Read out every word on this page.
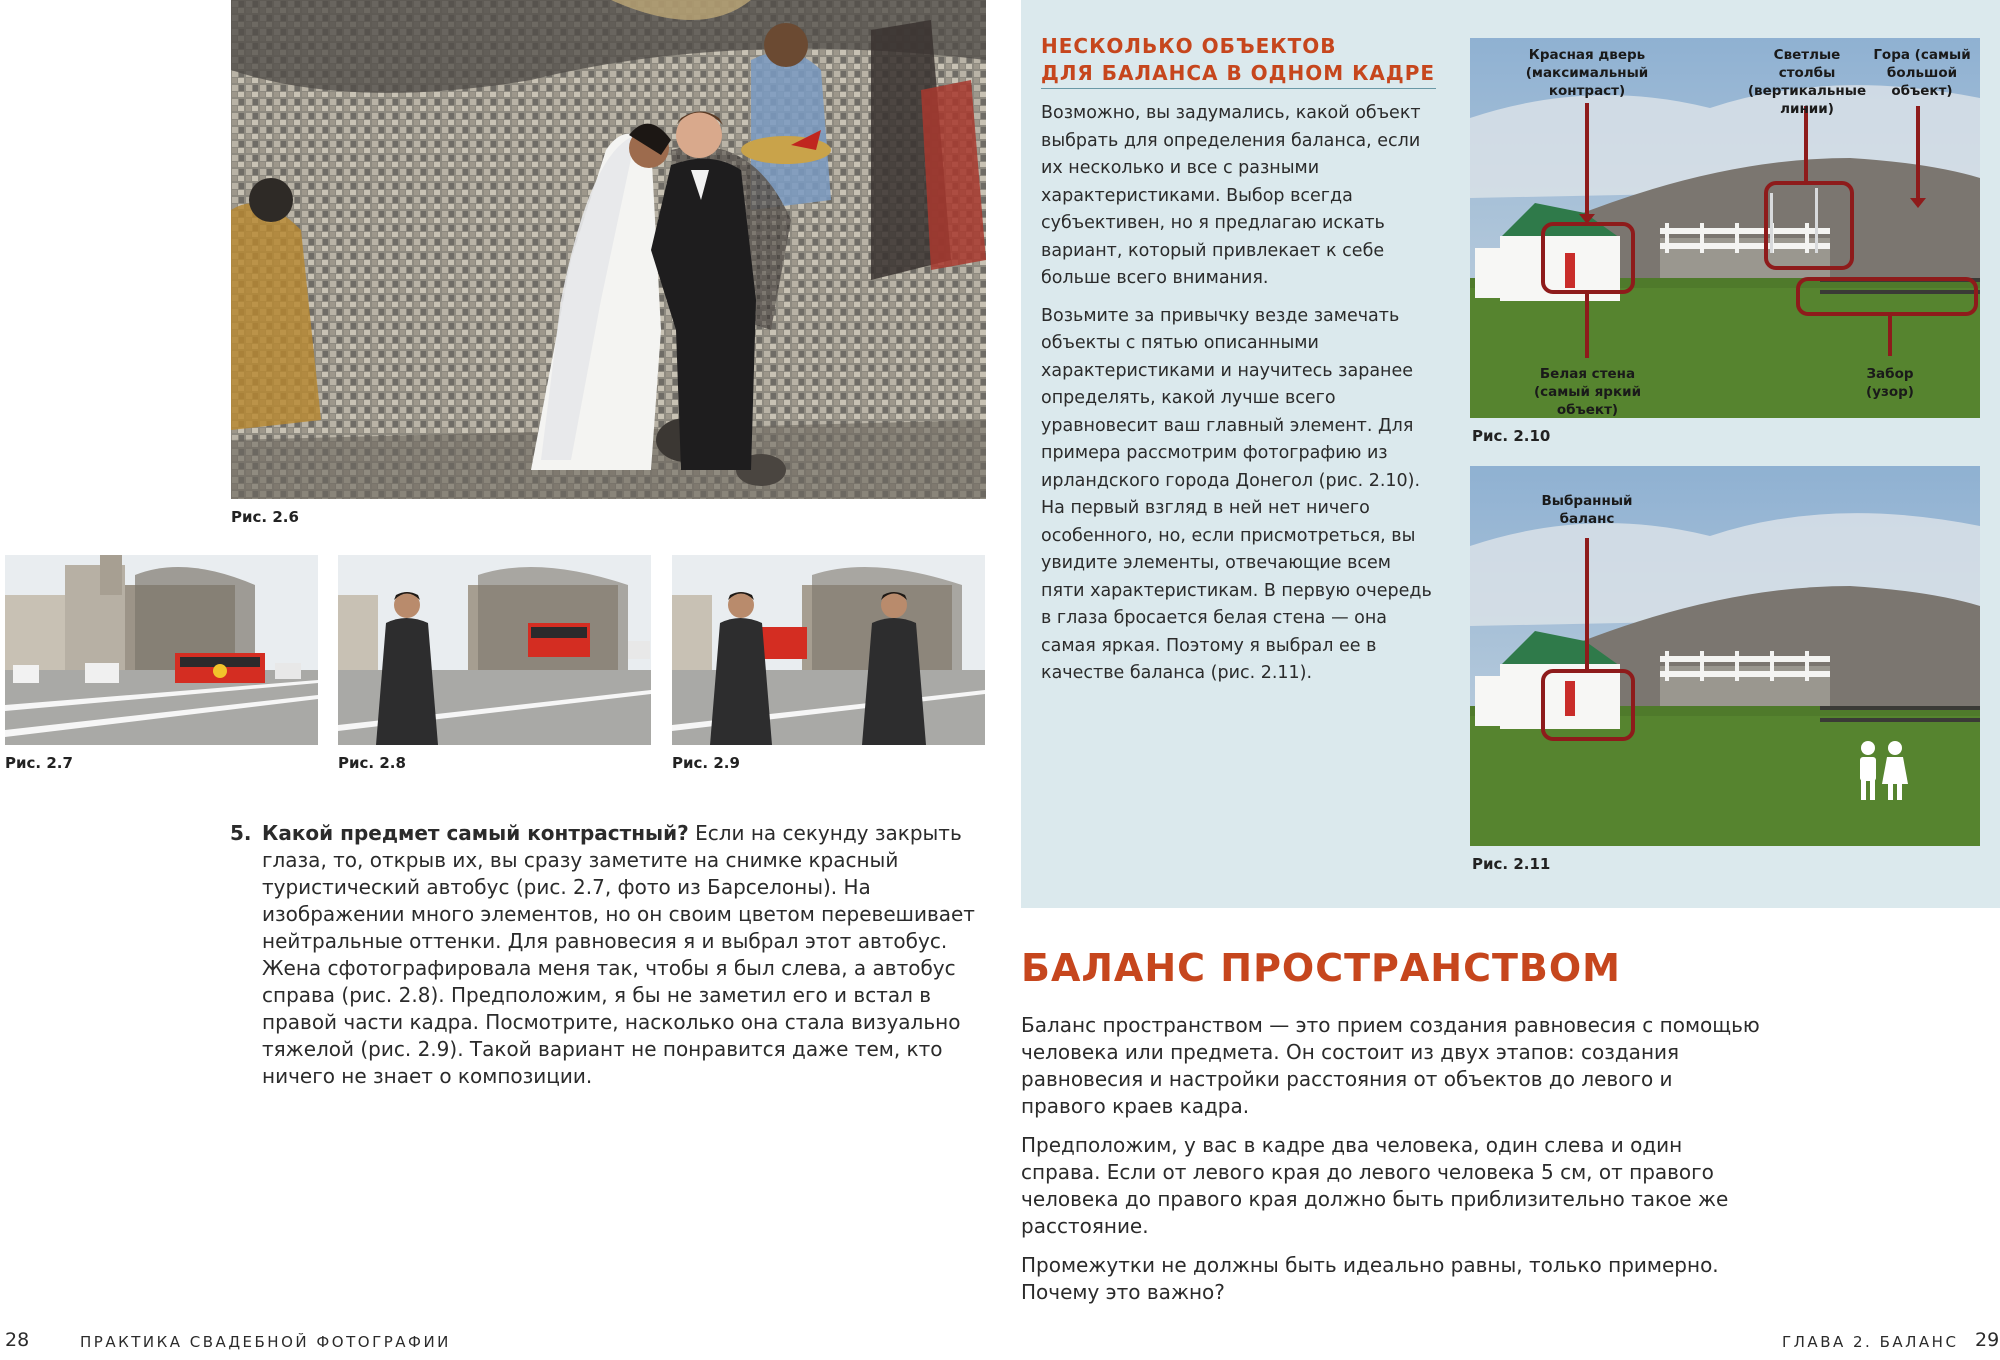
Рис. 2.6
Рис. 2.7	Рис. 2.8	Рис. 2.9
5. Какой предмет самый контрастный? Если на секунду закрыть глаза, то, открыв их, вы сразу заметите на снимке красный туристический автобус (рис. 2.7, фото из Барселоны). На изображении много элементов, но он своим цветом перевешивает нейтральные оттенки. Для равновесия я и выбрал этот автобус. Жена сфотографировала меня так, чтобы я был слева, а автобус справа (рис. 2.8). Предположим, я бы не заметил его и встал в правой части кадра. Посмотрите, насколько она стала визуально тяжелой (рис. 2.9). Такой вариант не понравится даже тем, кто ничего не знает о композиции.
НЕСКОЛЬКО ОБЪЕКТОВ
ДЛЯ БАЛАНСА В ОДНОМ КАДРЕ

Возможно, вы задумались, какой объект выбрать для определения баланса, если их несколько и все с разными характеристиками. Выбор всегда субъективен, но я предлагаю искать вариант, который привлекает к себе больше всего внимания.

Возьмите за привычку везде замечать объекты с пятью описанными характеристиками и научитесь заранее определять, какой лучше всего уравновесит ваш главный элемент. Для примера рассмотрим фотографию из ирландского города Донегол (рис. 2.10). На первый взгляд в ней нет ничего особенного, но, если присмотреться, вы увидите элементы, отвечающие всем пяти характеристикам. В первую очередь в глаза бросается белая стена — она самая яркая. Поэтому я выбрал ее в качестве баланса (рис. 2.11).

Красная дверь (максимальный контраст)
Светлые столбы (вертикальные линии)
Гора (самый большой объект)
Белая стена (самый яркий объект)
Забор (узор)
Рис. 2.10
Выбранный баланс
Рис. 2.11
БАЛАНС ПРОСТРАНСТВОМ

Баланс пространством — это прием создания равновесия с помощью человека или предмета. Он состоит из двух этапов: создания равновесия и настройки расстояния от объектов до левого и правого краев кадра.

Предположим, у вас в кадре два человека, один слева и один справа. Если от левого края до левого человека 5 см, от правого человека до правого края должно быть приблизительно такое же расстояние.

Промежутки не должны быть идеально равны, только примерно. Почему это важно?

28	ПРАКТИКА СВАДЕБНОЙ ФОТОГРАФИИ	ГЛАВА 2. БАЛАНС 29
